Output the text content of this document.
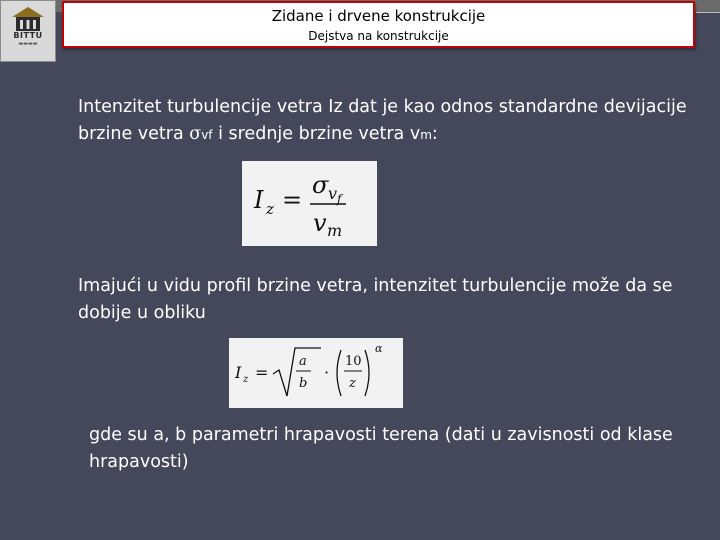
BITTU
▬▬▬▬
Zidane i drvene konstrukcije
Dejstva na konstrukcije
Intenzitet turbulencije vetra Iz dat je kao odnos standardne devijacije brzine vetra σvf i srednje brzine vetra vm:
I z =
σ v f
v m
Imajući u vidu profil brzine vetra, intenzitet turbulencije može da se dobije u obliku
I z =
a
b
·
10
z
α
gde su a, b parametri hrapavosti terena (dati u zavisnosti od klase hrapavosti)
